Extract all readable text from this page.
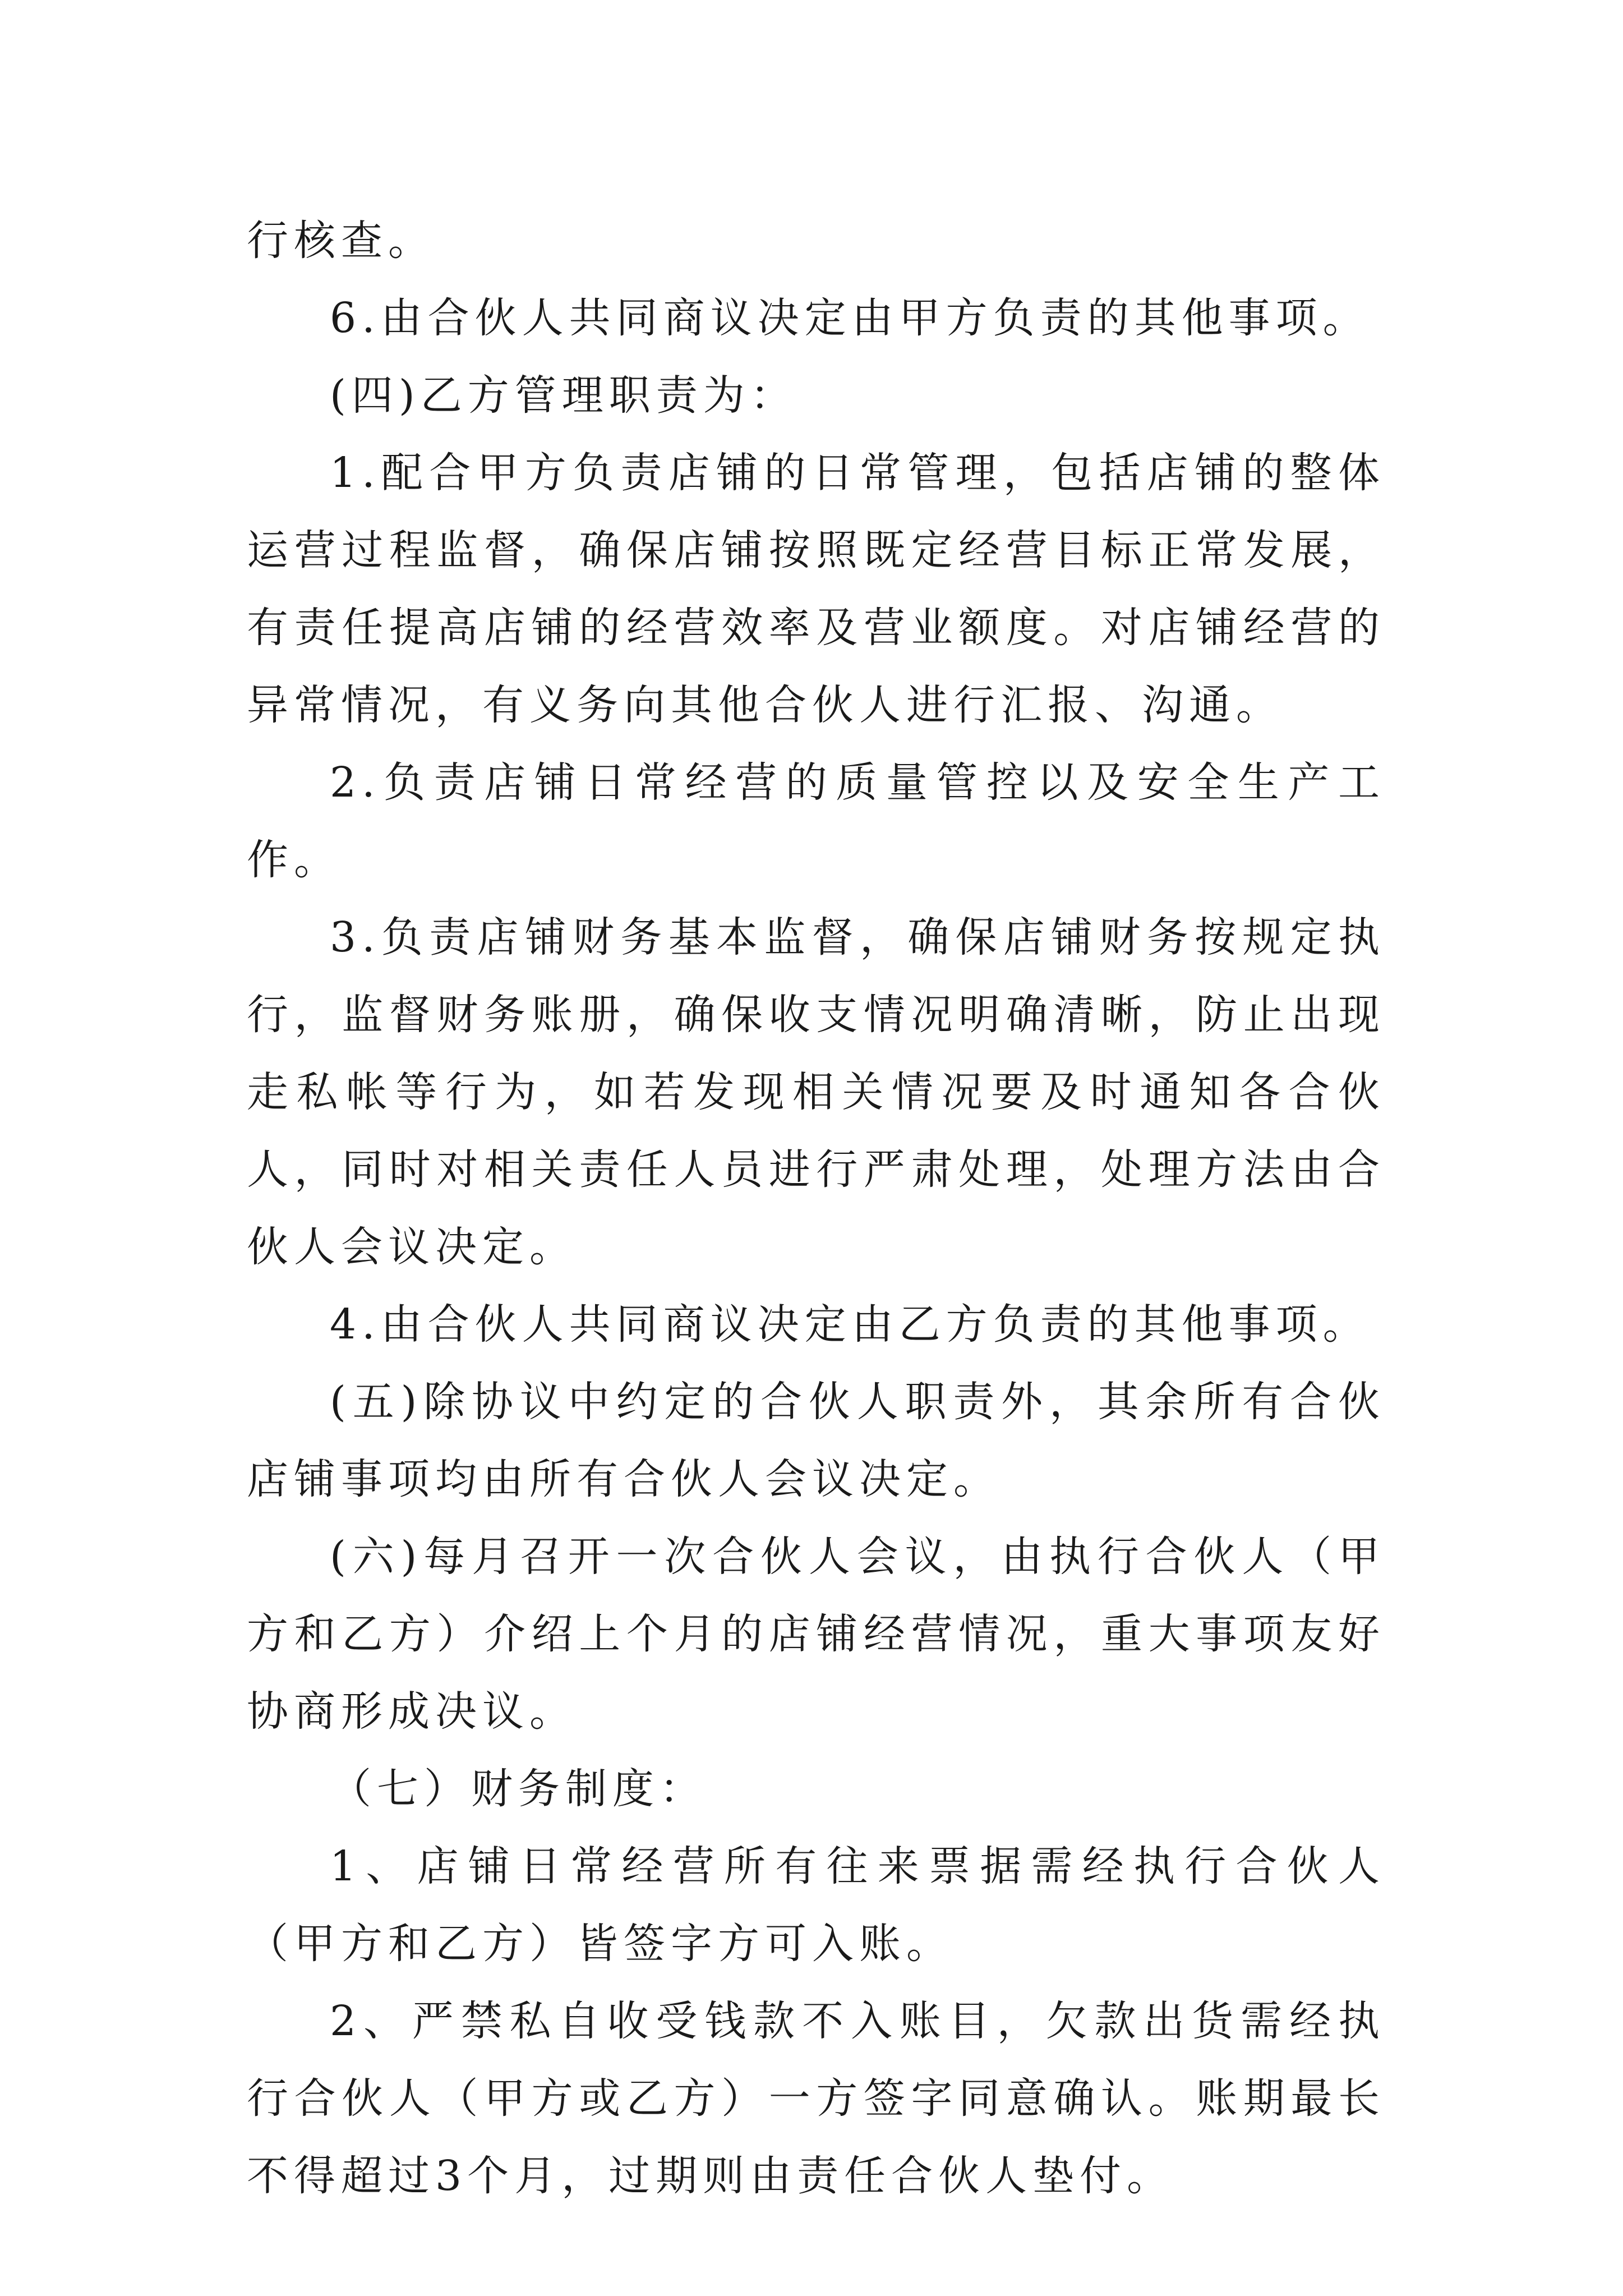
行核查。

6.由合伙人共同商议决定由甲方负责的其他事项。

(四)乙方管理职责为：

1.配合甲方负责店铺的日常管理，包括店铺的整体运营过程监督，确保店铺按照既定经营目标正常发展，有责任提高店铺的经营效率及营业额度。对店铺经营的异常情况，有义务向其他合伙人进行汇报、沟通。

2.负责店铺日常经营的质量管控以及安全生产工作。

3.负责店铺财务基本监督，确保店铺财务按规定执行，监督财务账册，确保收支情况明确清晰，防止出现走私帐等行为，如若发现相关情况要及时通知各合伙人，同时对相关责任人员进行严肃处理，处理方法由合伙人会议决定。

4.由合伙人共同商议决定由乙方负责的其他事项。

(五)除协议中约定的合伙人职责外，其余所有合伙店铺事项均由所有合伙人会议决定。

(六)每月召开一次合伙人会议，由执行合伙人（甲方和乙方）介绍上个月的店铺经营情况，重大事项友好协商形成决议。

（七）财务制度：

1、店铺日常经营所有往来票据需经执行合伙人（甲方和乙方）皆签字方可入账。

2、严禁私自收受钱款不入账目，欠款出货需经执行合伙人（甲方或乙方）一方签字同意确认。账期最长不得超过3个月，过期则由责任合伙人垫付。
